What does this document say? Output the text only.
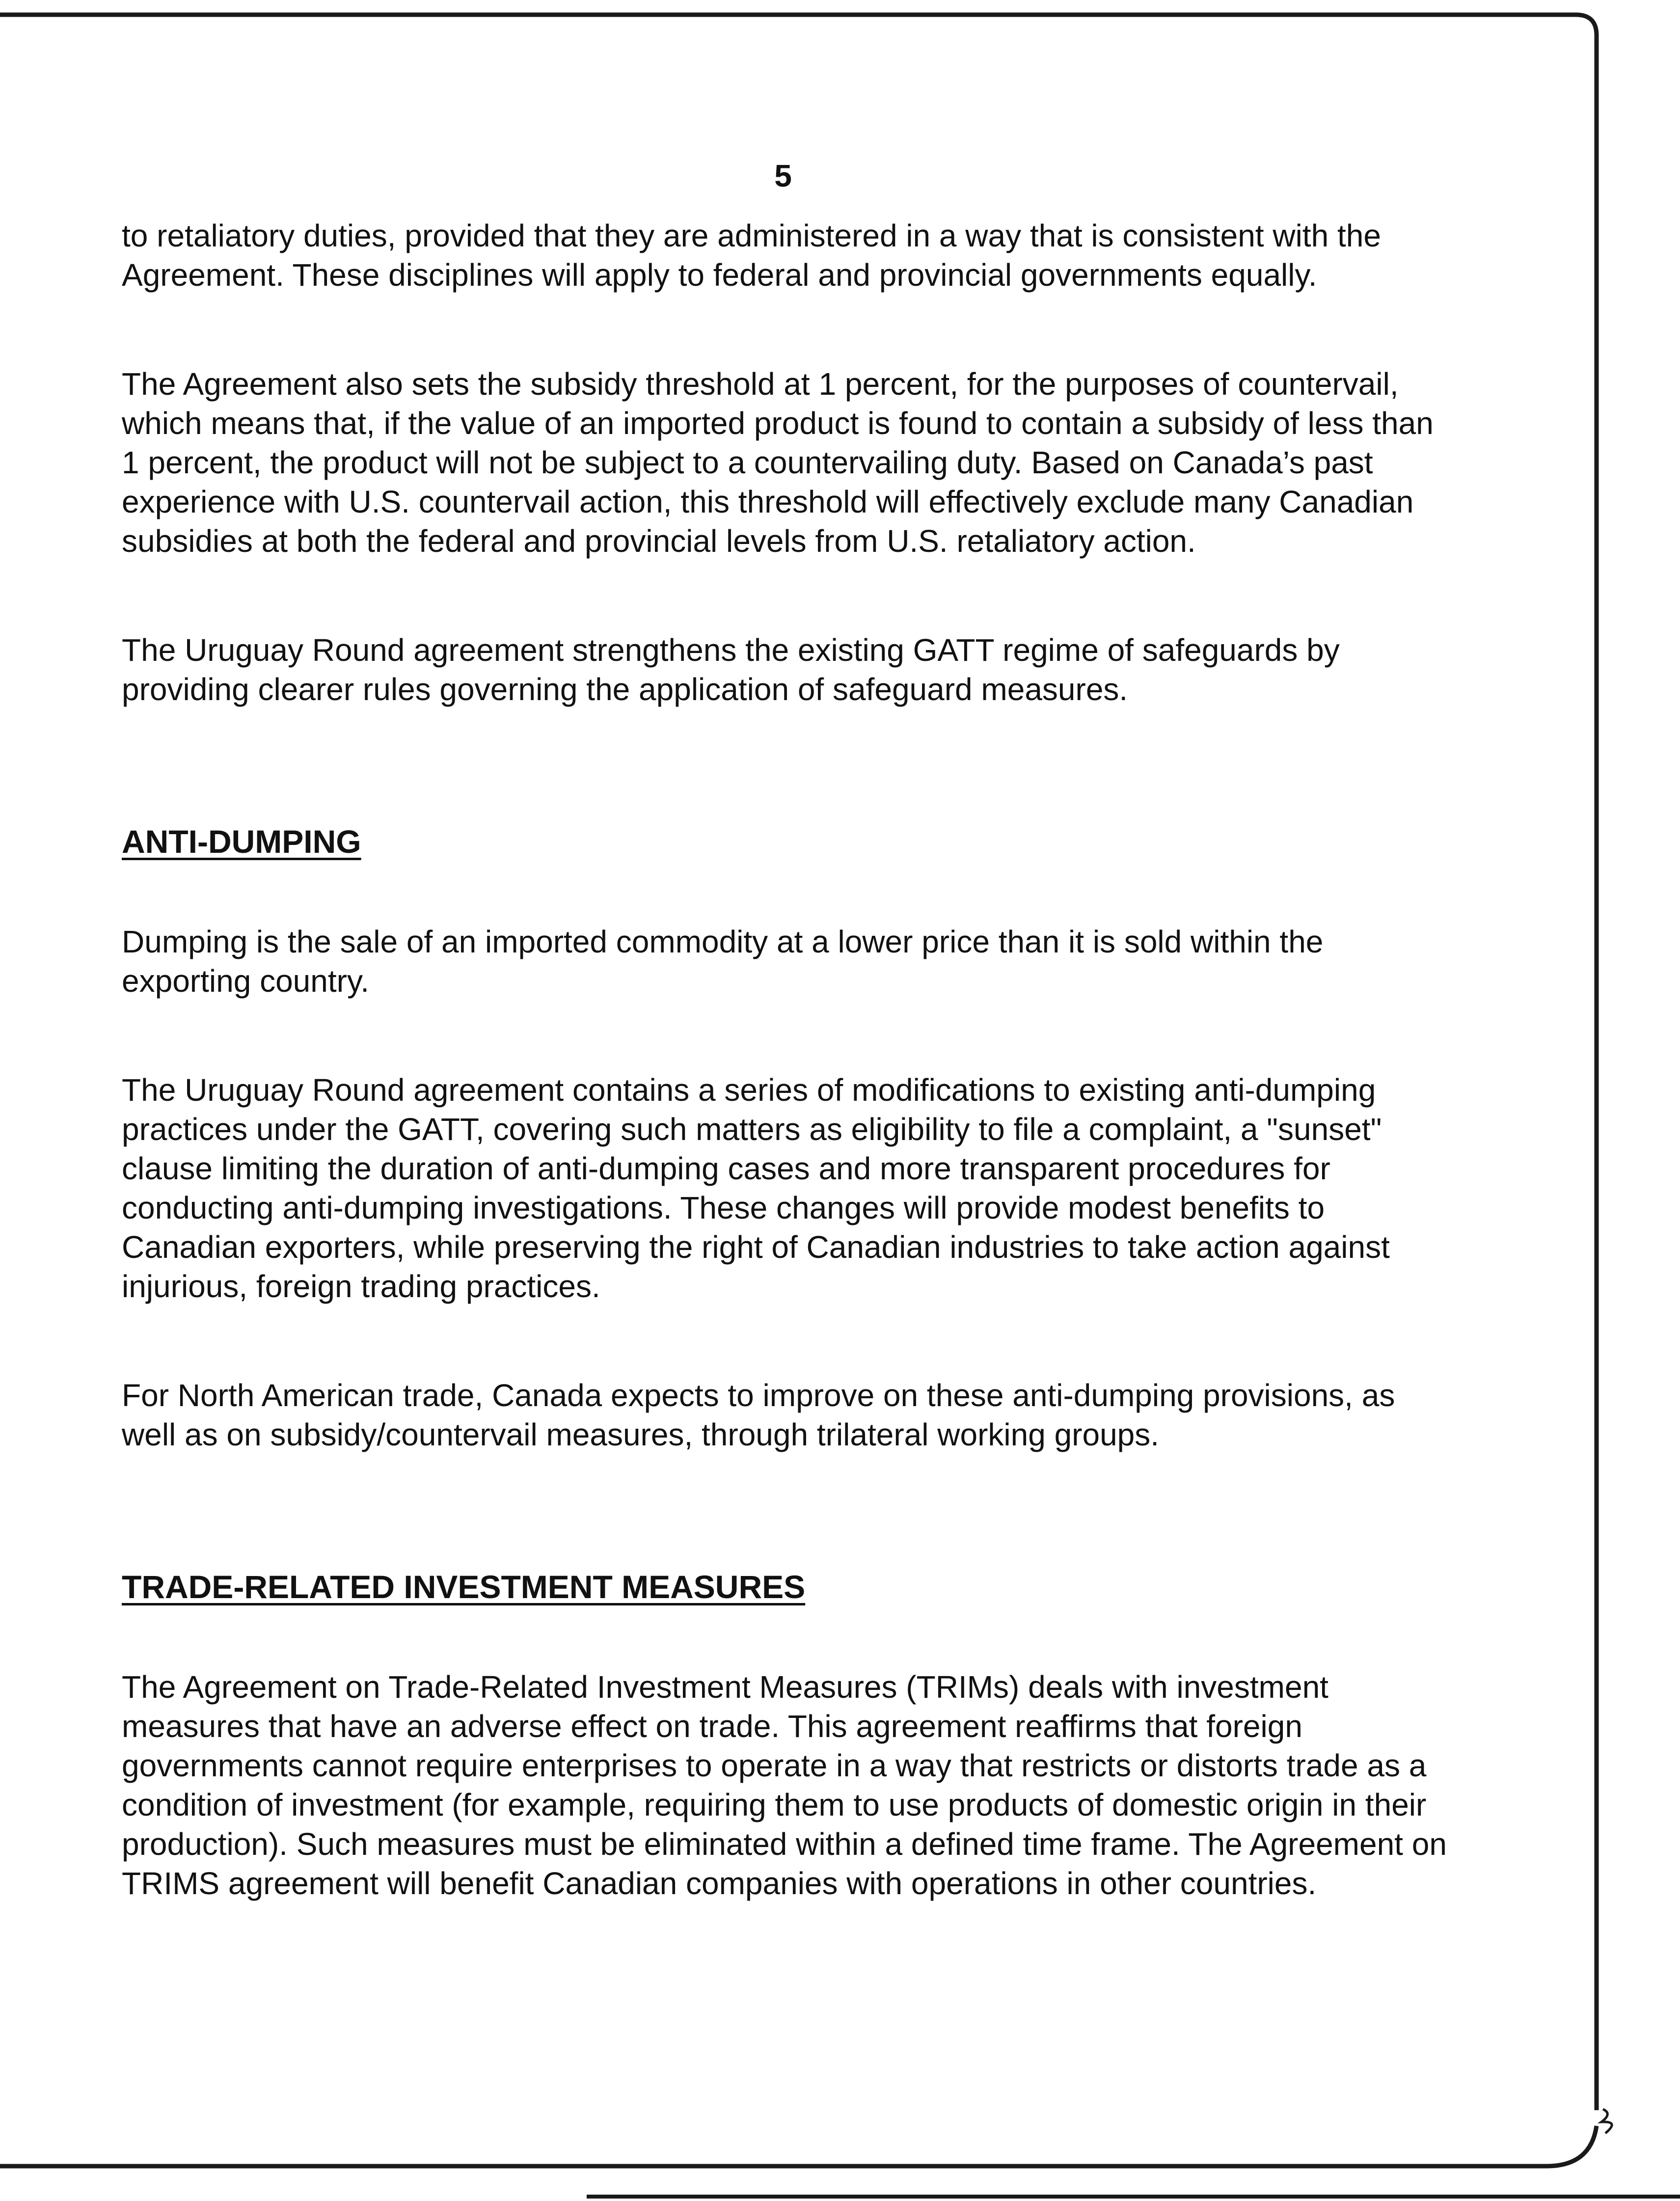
5

to retaliatory duties, provided that they are administered in a way that is consistent with the Agreement. These disciplines will apply to federal and provincial governments equally.

The Agreement also sets the subsidy threshold at 1 percent, for the purposes of countervail, which means that, if the value of an imported product is found to contain a subsidy of less than 1 percent, the product will not be subject to a countervailing duty. Based on Canada’s past experience with U.S. countervail action, this threshold will effectively exclude many Canadian subsidies at both the federal and provincial levels from U.S. retaliatory action.

The Uruguay Round agreement strengthens the existing GATT regime of safeguards by providing clearer rules governing the application of safeguard measures.

ANTI-DUMPING

Dumping is the sale of an imported commodity at a lower price than it is sold within the exporting country.

The Uruguay Round agreement contains a series of modifications to existing anti-dumping practices under the GATT, covering such matters as eligibility to file a complaint, a "sunset" clause limiting the duration of anti-dumping cases and more transparent procedures for conducting anti-dumping investigations. These changes will provide modest benefits to Canadian exporters, while preserving the right of Canadian industries to take action against injurious, foreign trading practices.

For North American trade, Canada expects to improve on these anti-dumping provisions, as well as on subsidy/countervail measures, through trilateral working groups.

TRADE-RELATED INVESTMENT MEASURES

The Agreement on Trade-Related Investment Measures (TRIMs) deals with investment measures that have an adverse effect on trade. This agreement reaffirms that foreign governments cannot require enterprises to operate in a way that restricts or distorts trade as a condition of investment (for example, requiring them to use products of domestic origin in their production). Such measures must be eliminated within a defined time frame. The Agreement on TRIMS agreement will benefit Canadian companies with operations in other countries.
